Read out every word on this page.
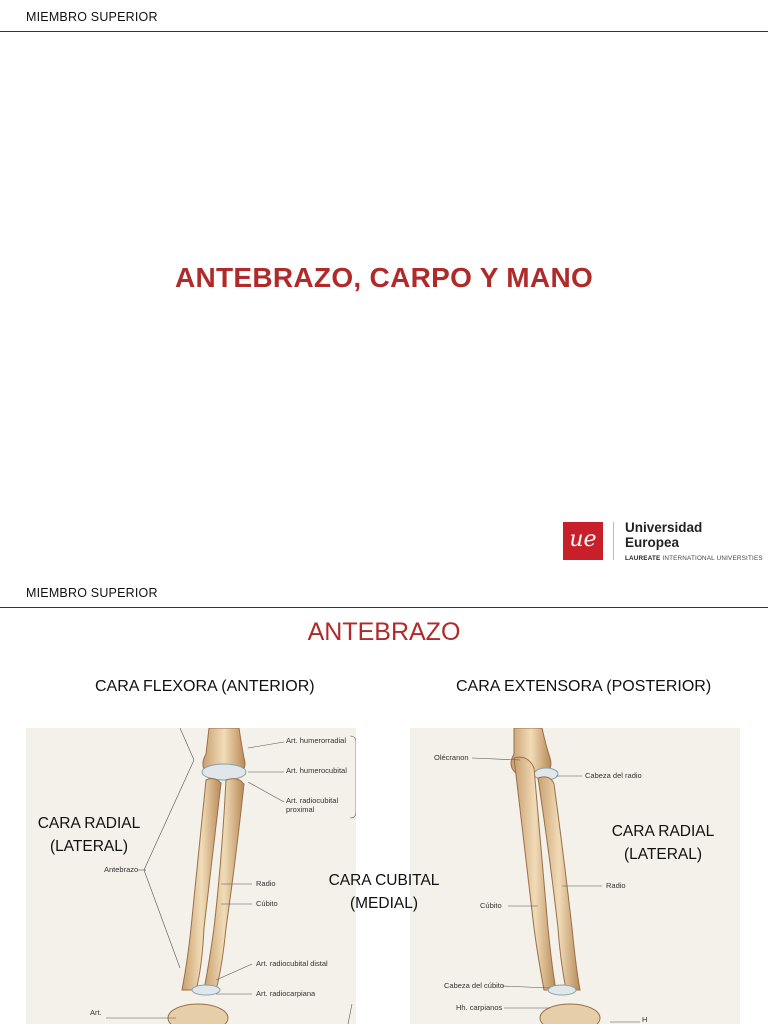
MIEMBRO SUPERIOR
ANTEBRAZO, CARPO Y MANO
ue	Universidad
Europea
LAUREATE INTERNATIONAL UNIVERSITIES
MIEMBRO SUPERIOR
ANTEBRAZO
CARA FLEXORA (ANTERIOR)	CARA EXTENSORA (POSTERIOR)
Art. humerorradial
Art. humerocubital
Art. radiocubital
proximal
Antebrazo
Radio
Cúbito
Art. radiocubital distal
Art. radiocarpiana
Art.
Olécranon
Cabeza del radio
Radio
Cúbito
Cabeza del cúbito
Hh. carpianos
H
CARA RADIAL
(LATERAL)
CARA CUBITAL
(MEDIAL)
CARA RADIAL
(LATERAL)
